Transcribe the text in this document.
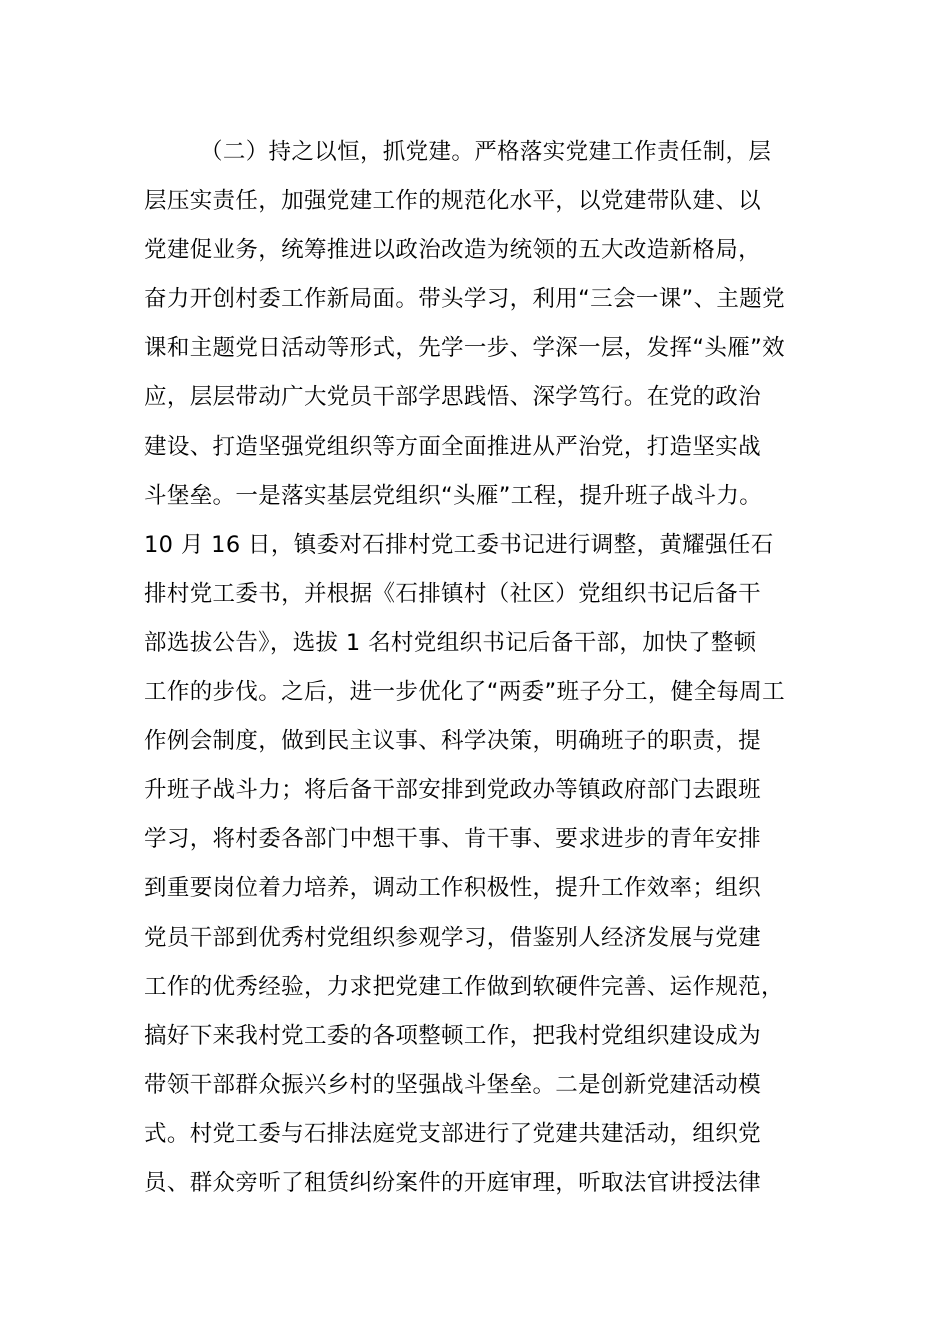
（二）持之以恒，抓党建。严格落实党建工作责任制，层
层压实责任，加强党建工作的规范化水平，以党建带队建、以
党建促业务，统筹推进以政治改造为统领的五大改造新格局，
奋力开创村委工作新局面。带头学习，利用“三会一课”、主题党
课和主题党日活动等形式，先学一步、学深一层，发挥“头雁”效
应，层层带动广大党员干部学思践悟、深学笃行。在党的政治
建设、打造坚强党组织等方面全面推进从严治党，打造坚实战
斗堡垒。一是落实基层党组织“头雁”工程，提升班子战斗力。
10 月 16 日，镇委对石排村党工委书记进行调整，黄耀强任石
排村党工委书，并根据《石排镇村（社区）党组织书记后备干
部选拔公告》，选拔 1 名村党组织书记后备干部，加快了整顿
工作的步伐。之后，进一步优化了“两委”班子分工，健全每周工
作例会制度，做到民主议事、科学决策，明确班子的职责，提
升班子战斗力；将后备干部安排到党政办等镇政府部门去跟班
学习，将村委各部门中想干事、肯干事、要求进步的青年安排
到重要岗位着力培养，调动工作积极性，提升工作效率；组织
党员干部到优秀村党组织参观学习，借鉴别人经济发展与党建
工作的优秀经验，力求把党建工作做到软硬件完善、运作规范，
搞好下来我村党工委的各项整顿工作，把我村党组织建设成为
带领干部群众振兴乡村的坚强战斗堡垒。二是创新党建活动模
式。村党工委与石排法庭党支部进行了党建共建活动，组织党
员、群众旁听了租赁纠纷案件的开庭审理，听取法官讲授法律
